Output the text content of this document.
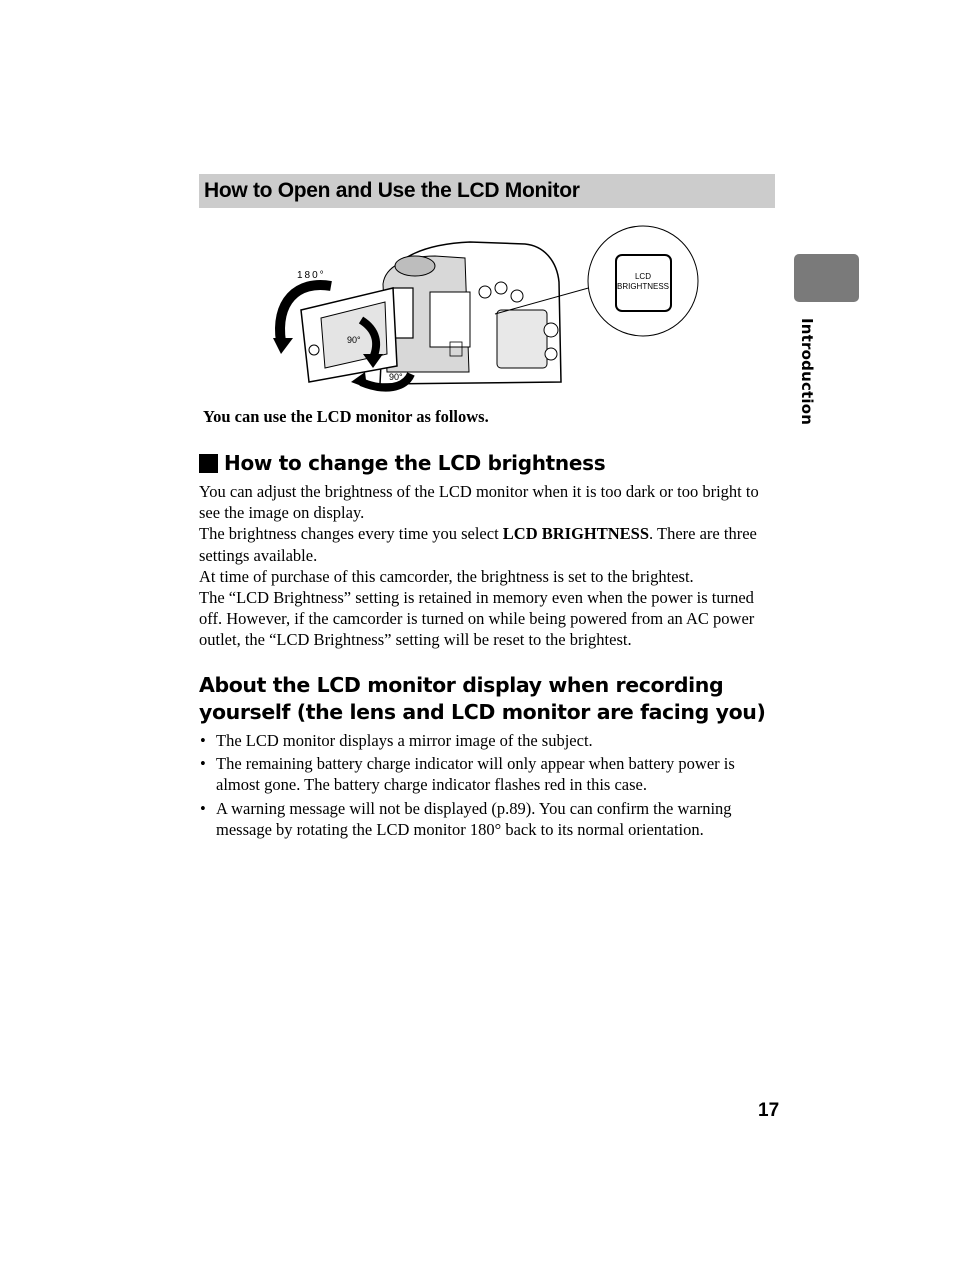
How to Open and Use the LCD Monitor
180°
90°
90°
LCD
BRIGHTNESS
You can use the LCD monitor as follows.
How to change the LCD brightness

You can adjust the brightness of the LCD monitor when it is too dark or too bright to see the image on display.

The brightness changes every time you select LCD BRIGHTNESS. There are three settings available.

At time of purchase of this camcorder, the brightness is set to the brightest.

The “LCD Brightness” setting is retained in memory even when the power is turned off. However, if the camcorder is turned on while being powered from an AC power outlet, the “LCD Brightness” setting will be reset to the brightest.

About the LCD monitor display when recording
yourself (the lens and LCD monitor are facing you)
• The LCD monitor displays a mirror image of the subject.
• The remaining battery charge indicator will only appear when battery power is almost gone. The battery charge indicator flashes red in this case.
• A warning message will not be displayed (p.89). You can confirm the warning message by rotating the LCD monitor 180° back to its normal orientation.
Introduction
17
